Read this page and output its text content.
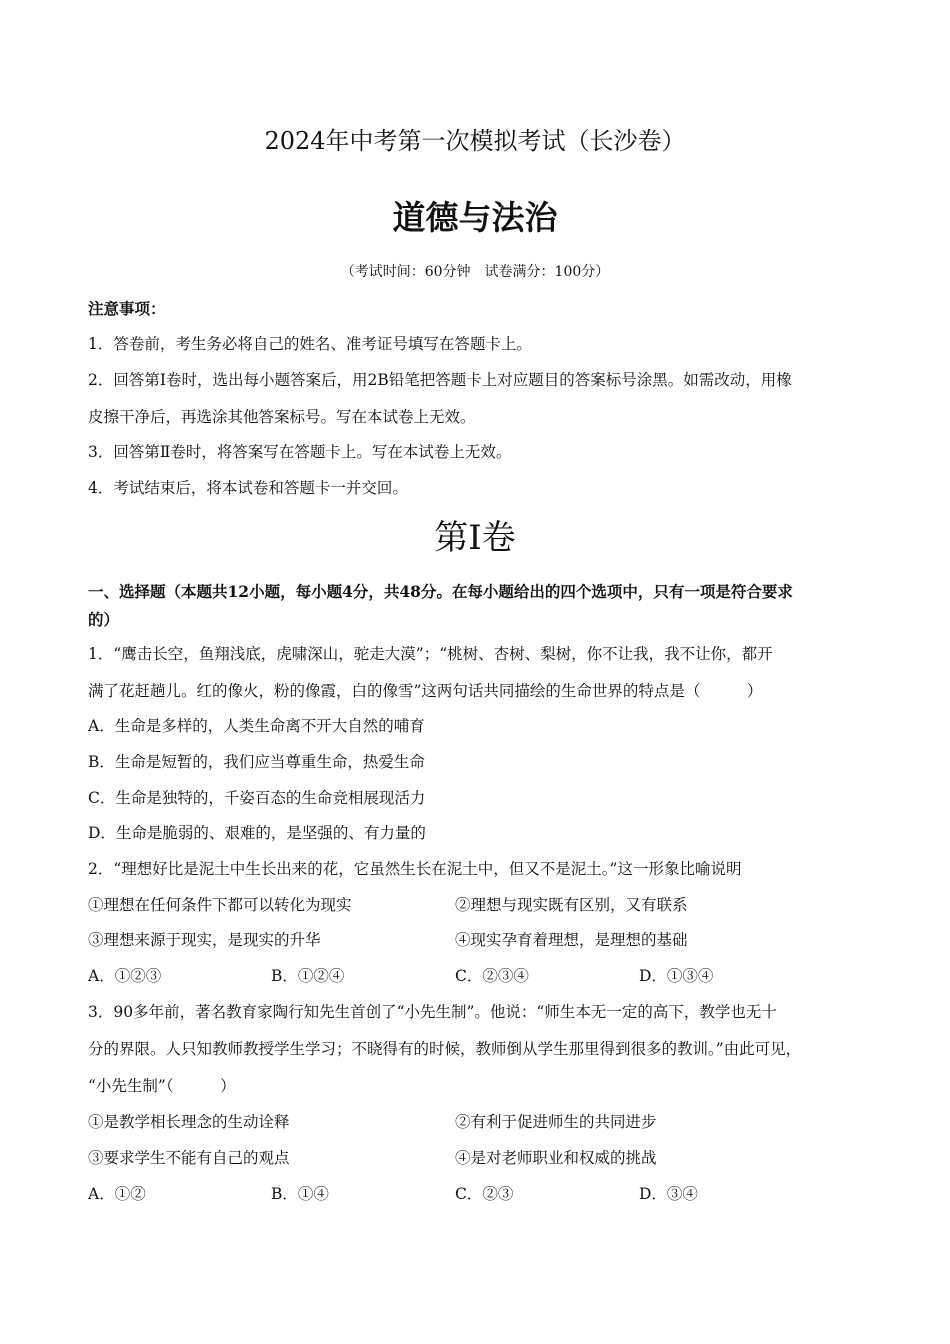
2024年中考第一次模拟考试（长沙卷）
道德与法治
（考试时间：60分钟　试卷满分：100分）
注意事项：
1．答卷前，考生务必将自己的姓名、准考证号填写在答题卡上。
2．回答第Ⅰ卷时，选出每小题答案后，用2B铅笔把答题卡上对应题目的答案标号涂黑。如需改动，用橡
皮擦干净后，再选涂其他答案标号。写在本试卷上无效。
3．回答第Ⅱ卷时，将答案写在答题卡上。写在本试卷上无效。
4．考试结束后，将本试卷和答题卡一并交回。
第Ⅰ卷
一、选择题（本题共12小题，每小题4分，共48分。在每小题给出的四个选项中，只有一项是符合要求
的）
1．“鹰击长空，鱼翔浅底，虎啸深山，驼走大漠”；“桃树、杏树、梨树，你不让我，我不让你，都开
满了花赶趟儿。红的像火，粉的像霞，白的像雪”这两句话共同描绘的生命世界的特点是（　　　）
A．生命是多样的，人类生命离不开大自然的哺育
B．生命是短暂的，我们应当尊重生命，热爱生命
C．生命是独特的，千姿百态的生命竞相展现活力
D．生命是脆弱的、艰难的，是坚强的、有力量的
2．“理想好比是泥土中生长出来的花，它虽然生长在泥土中，但又不是泥土。”这一形象比喻说明
①理想在任何条件下都可以转化为现实	②理想与现实既有区别，又有联系
③理想来源于现实，是现实的升华	④现实孕育着理想，是理想的基础
A．①②③	B．①②④	C．②③④	D．①③④
3．90多年前，著名教育家陶行知先生首创了“小先生制”。他说：“师生本无一定的高下，教学也无十
分的界限。人只知教师教授学生学习；不晓得有的时候，教师倒从学生那里得到很多的教训。”由此可见，
“小先生制”（　　　）
①是教学相长理念的生动诠释	②有利于促进师生的共同进步
③要求学生不能有自己的观点	④是对老师职业和权威的挑战
A．①②	B．①④	C．②③	D．③④
